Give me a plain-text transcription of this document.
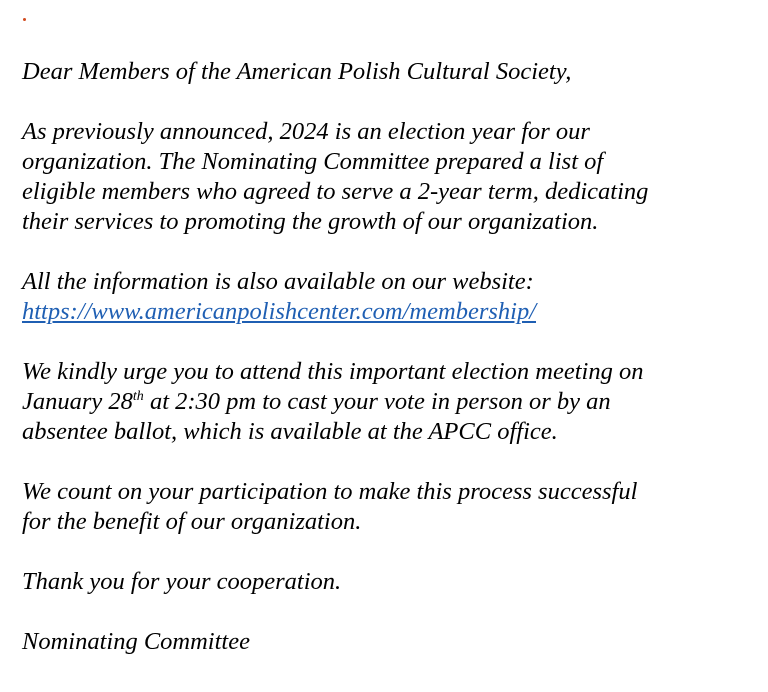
Dear Members of the American Polish Cultural Society,

As previously announced, 2024 is an election year for our
organization. The Nominating Committee prepared a list of
eligible members who agreed to serve a 2-year term, dedicating
their services to promoting the growth of our organization.

All the information is also available on our website:
https://www.americanpolishcenter.com/membership/

We kindly urge you to attend this important election meeting on
January 28th at 2:30 pm to cast your vote in person or by an
absentee ballot, which is available at the APCC office.

We count on your participation to make this process successful
for the benefit of our organization.

Thank you for your cooperation.

Nominating Committee
